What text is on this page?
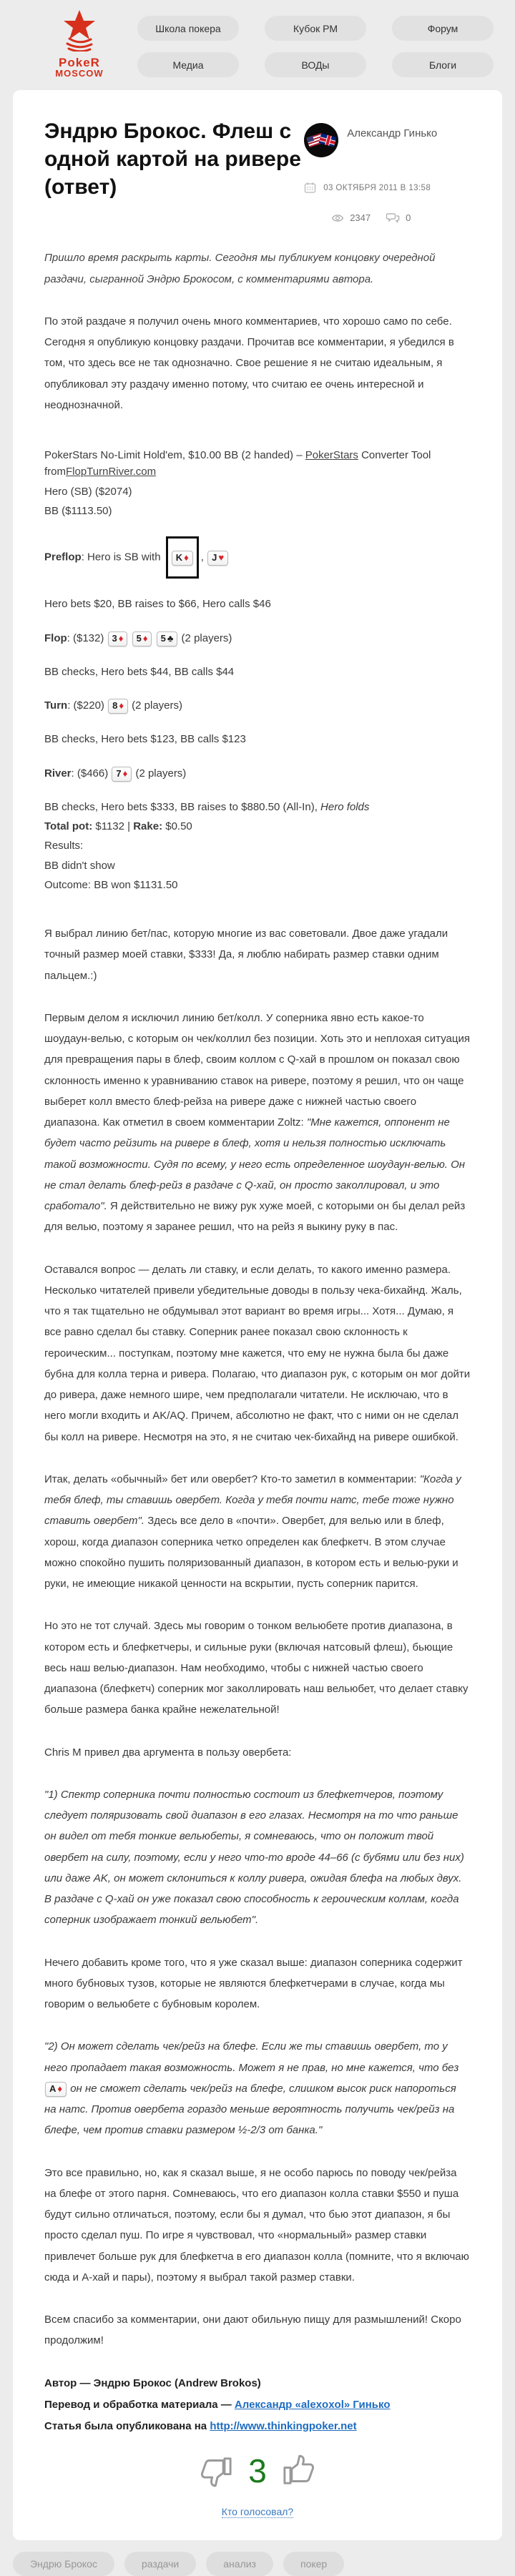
PokeR
MOSCOW
Школа покера	Кубок РМ	Форум
Медиа	ВОДы	Блоги
Эндрю Брокос. Флеш с одной картой на ривере (ответ)
Александр Гинько
03 ОКТЯБРЯ 2011 В 13:58
2347	0

Пришло время раскрыть карты. Сегодня мы публикуем концовку очередной раздачи, сыгранной Эндрю Брокосом, с комментариями автора.

По этой раздаче я получил очень много комментариев, что хорошо само по себе. Сегодня я опубликую концовку раздачи. Прочитав все комментарии, я убедился в том, что здесь все не так однозначно. Свое решение я не считаю идеальным, я опубликовал эту раздачу именно потому, что считаю ее очень интересной и неоднозначной.

PokerStars No-Limit Hold'em, $10.00 BB (2 handed) – PokerStars Converter Tool fromFlopTurnRiver.com
Hero (SB) ($2074)
BB ($1113.50)
Preflop: Hero is SB with K ♦ , J ♥
Hero bets $20, BB raises to $66, Hero calls $46
Flop: ($132) 3 ♦ 5 ♦ 5 ♣ (2 players)
BB checks, Hero bets $44, BB calls $44
Turn: ($220) 8 ♦ (2 players)
BB checks, Hero bets $123, BB calls $123
River: ($466) 7 ♦ (2 players)
BB checks, Hero bets $333, BB raises to $880.50 (All-In), Hero folds
Total pot: $1132 | Rake: $0.50
Results:
BB didn't show
Outcome: BB won $1131.50

Я выбрал линию бет/пас, которую многие из вас советовали. Двое даже угадали точный размер моей ставки, $333! Да, я люблю набирать размер ставки одним пальцем.:)

Первым делом я исключил линию бет/колл. У соперника явно есть какое-то шоудаун-велью, с которым он чек/коллил без позиции. Хоть это и неплохая ситуация для превращения пары в блеф, своим коллом с Q-хай в прошлом он показал свою склонность именно к уравниванию ставок на ривере, поэтому я решил, что он чаще выберет колл вместо блеф-рейза на ривере даже с нижней частью своего диапазона. Как отметил в своем комментарии Zoltz: "Мне кажется, оппонент не будет часто рейзить на ривере в блеф, хотя и нельзя полностью исключать такой возможности. Судя по всему, у него есть определенное шоудаун-велью. Он не стал делать блеф-рейз в раздаче с Q-хай, он просто заколлировал, и это сработало". Я действительно не вижу рук хуже моей, с которыми он бы делал рейз для велью, поэтому я заранее решил, что на рейз я выкину руку в пас.

Оставался вопрос — делать ли ставку, и если делать, то какого именно размера. Несколько читателей привели убедительные доводы в пользу чека-бихайнд. Жаль, что я так тщательно не обдумывал этот вариант во время игры... Хотя... Думаю, я все равно сделал бы ставку. Соперник ранее показал свою склонность к героическим... поступкам, поэтому мне кажется, что ему не нужна была бы даже бубна для колла терна и ривера. Полагаю, что диапазон рук, с которым он мог дойти до ривера, даже немного шире, чем предполагали читатели. Не исключаю, что в него могли входить и AK/AQ. Причем, абсолютно не факт, что с ними он не сделал бы колл на ривере. Несмотря на это, я не считаю чек-бихайнд на ривере ошибкой.

Итак, делать «обычный» бет или овербет? Кто-то заметил в комментарии: "Когда у тебя блеф, ты ставишь овербет. Когда у тебя почти натс, тебе тоже нужно ставить овербет". Здесь все дело в «почти». Овербет, для велью или в блеф, хорош, когда диапазон соперника четко определен как блефкетч. В этом случае можно спокойно пушить поляризованный диапазон, в котором есть и велью-руки и руки, не имеющие никакой ценности на вскрытии, пусть соперник парится.

Но это не тот случай. Здесь мы говорим о тонком вельюбете против диапазона, в котором есть и блефкетчеры, и сильные руки (включая натсовый флеш), бьющие весь наш велью-диапазон. Нам необходимо, чтобы с нижней частью своего диапазона (блефкетч) соперник мог заколлировать наш вельюбет, что делает ставку больше размера банка крайне нежелательной!

Chris M привел два аргумента в пользу овербета:

"1) Спектр соперника почти полностью состоит из блефкетчеров, поэтому следует поляризовать свой диапазон в его глазах. Несмотря на то что раньше он видел от тебя тонкие вельюбеты, я сомневаюсь, что он положит твой овербет на силу, поэтому, если у него что-то вроде 44–66 (с бубями или без них) или даже AK, он может склониться к коллу ривера, ожидая блефа на любых двух. В раздаче с Q-хай он уже показал свою способность к героическим коллам, когда соперник изображает тонкий вельюбет".

Нечего добавить кроме того, что я уже сказал выше: диапазон соперника содержит много бубновых тузов, которые не являются блефкетчерами в случае, когда мы говорим о вельюбете с бубновым королем.

"2) Он может сделать чек/рейз на блефе. Если же ты ставишь овербет, то у него пропадает такая возможность. Может я не прав, но мне кажется, что без A ♦ он не сможет сделать чек/рейз на блефе, слишком высок риск напороться на натс. Против овербета гораздо меньше вероятность получить чек/рейз на блефе, чем против ставки размером ½-2/3 от банка."

Это все правильно, но, как я сказал выше, я не особо парюсь по поводу чек/рейза на блефе от этого парня. Сомневаюсь, что его диапазон колла ставки $550 и пуша будут сильно отличаться, поэтому, если бы я думал, что бью этот диапазон, я бы просто сделал пуш. По игре я чувствовал, что «нормальный» размер ставки привлечет больше рук для блефкетча в его диапазон колла (помните, что я включаю сюда и A-хай и пары), поэтому я выбрал такой размер ставки.

Всем спасибо за комментарии, они дают обильную пищу для размышлений! Скоро продолжим!

Автор — Эндрю Брокос (Andrew Brokos)
Перевод и обработка материала — Александр «alexoxol» Гинько
Статья была опубликована на http://www.thinkingpoker.net
3
Кто голосовал?
Эндрю Брокос	раздачи	анализ	покер
